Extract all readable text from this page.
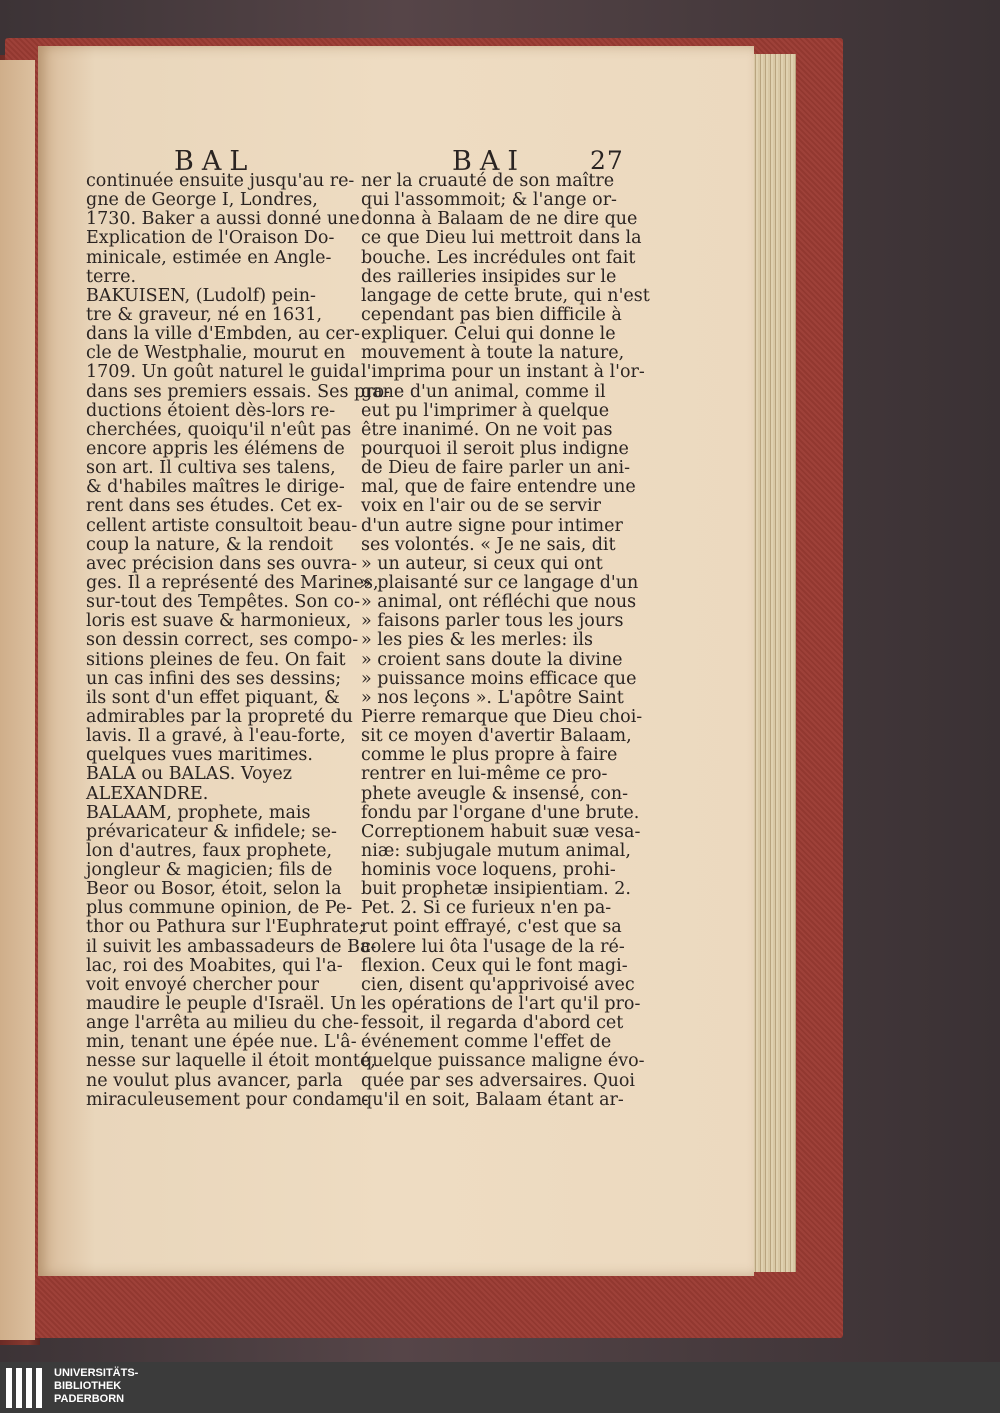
BAL	BAI	27
continuée ensuite jusqu'au re-
gne de George I, Londres,
1730. Baker a aussi donné une
Explication de l'Oraison Do-
minicale, estimée en Angle-
terre.
BAKUISEN, (Ludolf) pein-
tre & graveur, né en 1631,
dans la ville d'Embden, au cer-
cle de Westphalie, mourut en
1709. Un goût naturel le guida
dans ses premiers essais. Ses pro-
ductions étoient dès-lors re-
cherchées, quoiqu'il n'eût pas
encore appris les élémens de
son art. Il cultiva ses talens,
& d'habiles maîtres le dirige-
rent dans ses études. Cet ex-
cellent artiste consultoit beau-
coup la nature, & la rendoit
avec précision dans ses ouvra-
ges. Il a représenté des Marines,
sur-tout des Tempêtes. Son co-
loris est suave & harmonieux,
son dessin correct, ses compo-
sitions pleines de feu. On fait
un cas infini des ses dessins;
ils sont d'un effet piquant, &
admirables par la propreté du
lavis. Il a gravé, à l'eau-forte,
quelques vues maritimes.
BALA ou BALAS. Voyez
ALEXANDRE.
BALAAM, prophete, mais
prévaricateur & infidele; se-
lon d'autres, faux prophete,
jongleur & magicien; fils de
Beor ou Bosor, étoit, selon la
plus commune opinion, de Pe-
thor ou Pathura sur l'Euphrate;
il suivit les ambassadeurs de Ba-
lac, roi des Moabites, qui l'a-
voit envoyé chercher pour
maudire le peuple d'Israël. Un
ange l'arrêta au milieu du che-
min, tenant une épée nue. L'â-
nesse sur laquelle il étoit monté,
ne voulut plus avancer, parla
miraculeusement pour condam-
ner la cruauté de son maître
qui l'assommoit; & l'ange or-
donna à Balaam de ne dire que
ce que Dieu lui mettroit dans la
bouche. Les incrédules ont fait
des railleries insipides sur le
langage de cette brute, qui n'est
cependant pas bien difficile à
expliquer. Celui qui donne le
mouvement à toute la nature,
l'imprima pour un instant à l'or-
gane d'un animal, comme il
eut pu l'imprimer à quelque
être inanimé. On ne voit pas
pourquoi il seroit plus indigne
de Dieu de faire parler un ani-
mal, que de faire entendre une
voix en l'air ou de se servir
d'un autre signe pour intimer
ses volontés. « Je ne sais, dit
» un auteur, si ceux qui ont
» plaisanté sur ce langage d'un
» animal, ont réfléchi que nous
» faisons parler tous les jours
» les pies & les merles: ils
» croient sans doute la divine
» puissance moins efficace que
» nos leçons ». L'apôtre Saint
Pierre remarque que Dieu choi-
sit ce moyen d'avertir Balaam,
comme le plus propre à faire
rentrer en lui-même ce pro-
phete aveugle & insensé, con-
fondu par l'organe d'une brute.
Correptionem habuit suæ vesa-
niæ: subjugale mutum animal,
hominis voce loquens, prohi-
buit prophetæ insipientiam. 2.
Pet. 2. Si ce furieux n'en pa-
rut point effrayé, c'est que sa
colere lui ôta l'usage de la ré-
flexion. Ceux qui le font magi-
cien, disent qu'apprivoisé avec
les opérations de l'art qu'il pro-
fessoit, il regarda d'abord cet
événement comme l'effet de
quelque puissance maligne évo-
quée par ses adversaires. Quoi
qu'il en soit, Balaam étant ar-
UNIVERSITÄTS-
BIBLIOTHEK
PADERBORN
